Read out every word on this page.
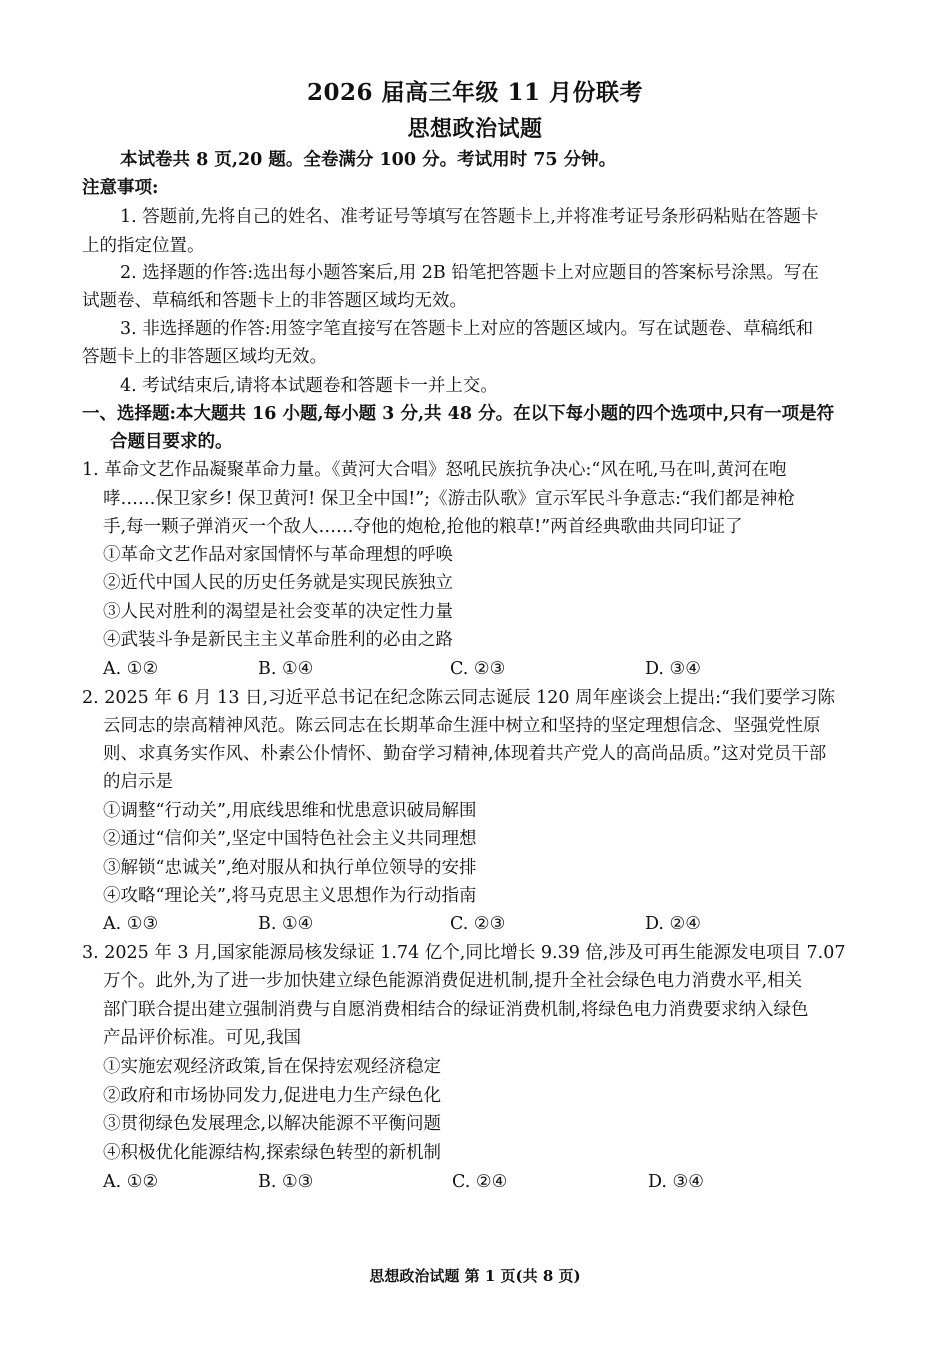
2026 届高三年级 11 月份联考
思想政治试题
本试卷共 8 页,20 题。全卷满分 100 分。考试用时 75 分钟。
注意事项:
1. 答题前,先将自己的姓名、准考证号等填写在答题卡上,并将准考证号条形码粘贴在答题卡
上的指定位置。
2. 选择题的作答:选出每小题答案后,用 2B 铅笔把答题卡上对应题目的答案标号涂黑。写在
试题卷、草稿纸和答题卡上的非答题区域均无效。
3. 非选择题的作答:用签字笔直接写在答题卡上对应的答题区域内。写在试题卷、草稿纸和
答题卡上的非答题区域均无效。
4. 考试结束后,请将本试题卷和答题卡一并上交。
一、选择题:本大题共 16 小题,每小题 3 分,共 48 分。在以下每小题的四个选项中,只有一项是符
合题目要求的。
1. 革命文艺作品凝聚革命力量。《黄河大合唱》怒吼民族抗争决心:“风在吼,马在叫,黄河在咆
哮……保卫家乡! 保卫黄河! 保卫全中国!”;《游击队歌》宣示军民斗争意志:“我们都是神枪
手,每一颗子弹消灭一个敌人……夺他的炮枪,抢他的粮草!”两首经典歌曲共同印证了
①革命文艺作品对家国情怀与革命理想的呼唤
②近代中国人民的历史任务就是实现民族独立
③人民对胜利的渴望是社会变革的决定性力量
④武装斗争是新民主主义革命胜利的必由之路
A. ①②	B. ①④	C. ②③	D. ③④
2. 2025 年 6 月 13 日,习近平总书记在纪念陈云同志诞辰 120 周年座谈会上提出:“我们要学习陈
云同志的崇高精神风范。陈云同志在长期革命生涯中树立和坚持的坚定理想信念、坚强党性原
则、求真务实作风、朴素公仆情怀、勤奋学习精神,体现着共产党人的高尚品质。”这对党员干部
的启示是
①调整“行动关”,用底线思维和忧患意识破局解围
②通过“信仰关”,坚定中国特色社会主义共同理想
③解锁“忠诚关”,绝对服从和执行单位领导的安排
④攻略“理论关”,将马克思主义思想作为行动指南
A. ①③	B. ①④	C. ②③	D. ②④
3. 2025 年 3 月,国家能源局核发绿证 1.74 亿个,同比增长 9.39 倍,涉及可再生能源发电项目 7.07
万个。此外,为了进一步加快建立绿色能源消费促进机制,提升全社会绿色电力消费水平,相关
部门联合提出建立强制消费与自愿消费相结合的绿证消费机制,将绿色电力消费要求纳入绿色
产品评价标准。可见,我国
①实施宏观经济政策,旨在保持宏观经济稳定
②政府和市场协同发力,促进电力生产绿色化
③贯彻绿色发展理念,以解决能源不平衡问题
④积极优化能源结构,探索绿色转型的新机制
A. ①②	B. ①③	C. ②④	D. ③④
思想政治试题 第 1 页(共 8 页)
